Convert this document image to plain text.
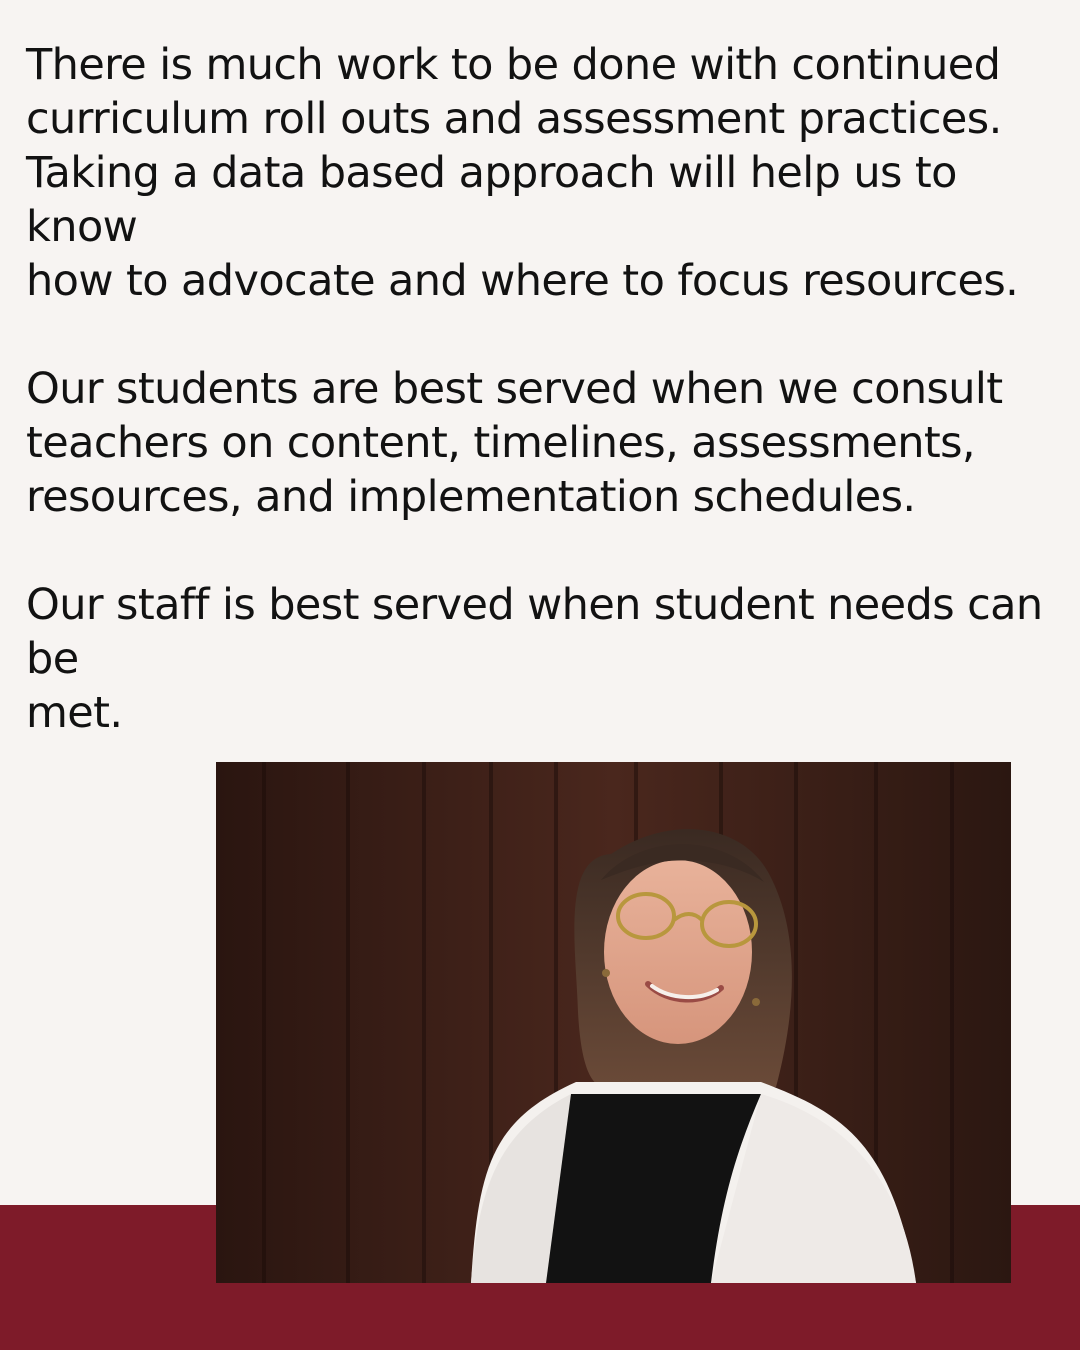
There is much work to be done with continued
curriculum roll outs and assessment practices.
Taking a data based approach will help us to know
how to advocate and where to focus resources.

Our students are best served when we consult
teachers on content, timelines, assessments,
resources, and implementation schedules.

Our staff is best served when student needs can be
met.
